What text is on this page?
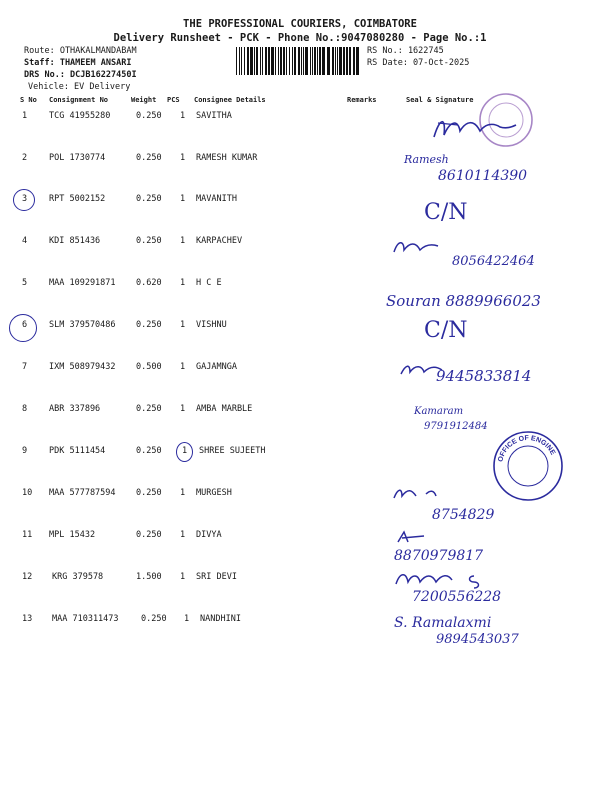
THE PROFESSIONAL COURIERS, COIMBATORE
Delivery Runsheet - PCK - Phone No.:9047080280 - Page No.:1
Route: OTHAKALMANDABAM
Staff: THAMEEM ANSARI
DRS No.: DCJB16227450I
Vehicle: EV Delivery
RS No.: 1622745
RS Date: 07-Oct-2025
S No Consignment No	Weight PCS Consignee Details	Remarks	Seal & Signature
1	TCG 41955280	0.250 1 SAVITHA
2	POL 1730774	0.250 1 RAMESH KUMAR
3	RPT 5002152	0.250 1 MAVANITH
4	KDI 851436	0.250 1 KARPACHEV
5	MAA 109291871 0.620 1 H C E
6	SLM 379570486 0.250 1 VISHNU
7	IXM 508979432 0.500 1 GAJAMNGA
8	ABR 337896	0.250 1 AMBA MARBLE
9	PDK 5111454	0.250 1 SHREE SUJEETH
10 MAA 577787594 0.250 1 MURGESH
11 MPL 15432	0.250 1 DIVYA
12 KRG 379578	1.500 1 SRI DEVI
13 MAA 710311473	0.250 1 NANDHINI
OFFICE OF ENGINE
Ramesh
8610114390
C/N
8056422464
Souran 8889966023
C/N
9445833814
Kamaram
9791912484
8754829
8870979817
7200556228
S. Ramalaxmi
9894543037
